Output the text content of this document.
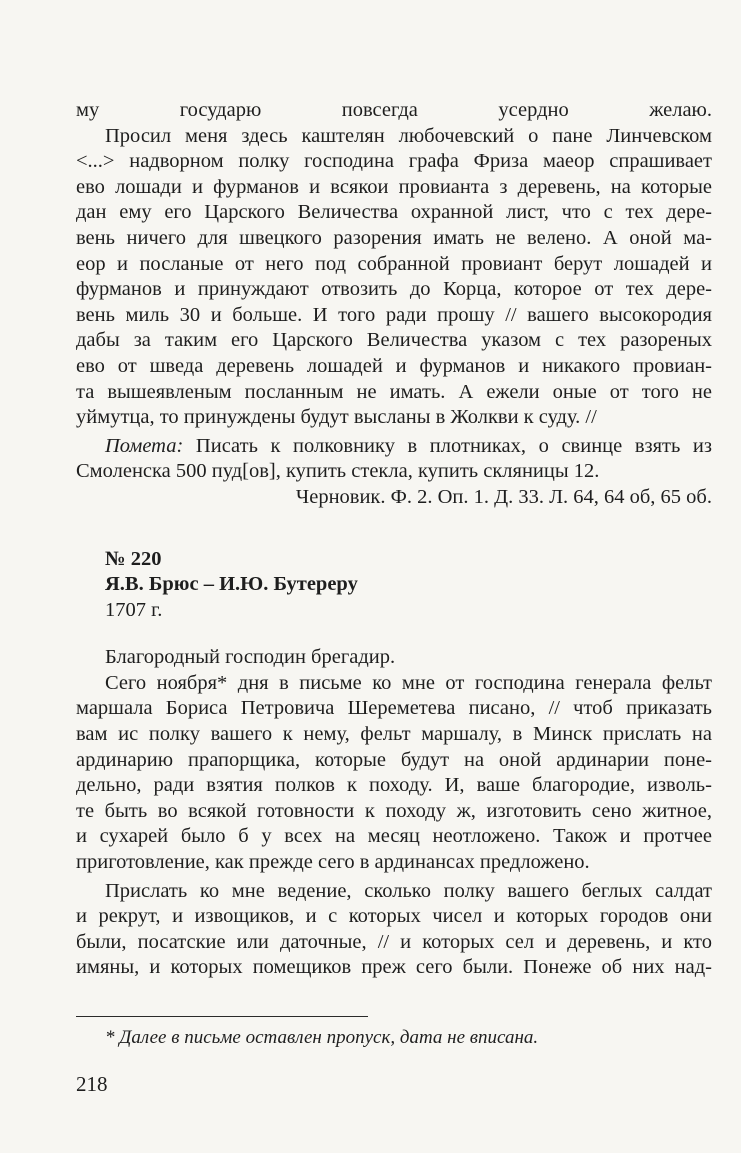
му государю повсегда усердно желаю.
Просил меня здесь каштелян любочевский о пане Линчевском
<...> надворном полку господина графа Фриза маеор спрашивает
ево лошади и фурманов и всякои провианта з деревень, на которые
дан ему его Царского Величества охранной лист, что с тех дере-
вень ничего для швецкого разорения имать не велено. А оной ма-
еор и посланые от него под собранной провиант берут лошадей и
фурманов и принуждают отвозить до Корца, которое от тех дере-
вень миль 30 и больше. И того ради прошу // вашего высокородия
дабы за таким его Царского Величества указом с тех разореных
ево от шведа деревень лошадей и фурманов и никакого провиан-
та вышеявленым посланным не имать. А ежели оные от того не
уймутца, то принуждены будут высланы в Жолкви к суду. //
Помета: Писать к полковнику в плотниках, о свинце взять из
Смоленска 500 пуд[ов], купить стекла, купить скляницы 12.
Черновик. Ф. 2. Оп. 1. Д. 33. Л. 64, 64 об, 65 об.
№ 220
Я.В. Брюс – И.Ю. Бутереру
1707 г.
Благородный господин брегадир.
Сего ноября* дня в письме ко мне от господина генерала фельт
маршала Бориса Петровича Шереметева писано, // чтоб приказать
вам ис полку вашего к нему, фельт маршалу, в Минск прислать на
ардинарию прапорщика, которые будут на оной ардинарии поне-
дельно, ради взятия полков к походу. И, ваше благородие, изволь-
те быть во всякой готовности к походу ж, изготовить сено житное,
и сухарей было б у всех на месяц неотложено. Також и протчее
приготовление, как прежде сего в ардинансах предложено.
Прислать ко мне ведение, сколько полку вашего беглых салдат
и рекрут, и извощиков, и с которых чисел и которых городов они
были, посатские или даточные, // и которых сел и деревень, и кто
имяны, и которых помещиков преж сего были. Понеже об них над-
* Далее в письме оставлен пропуск, дата не вписана.
218
